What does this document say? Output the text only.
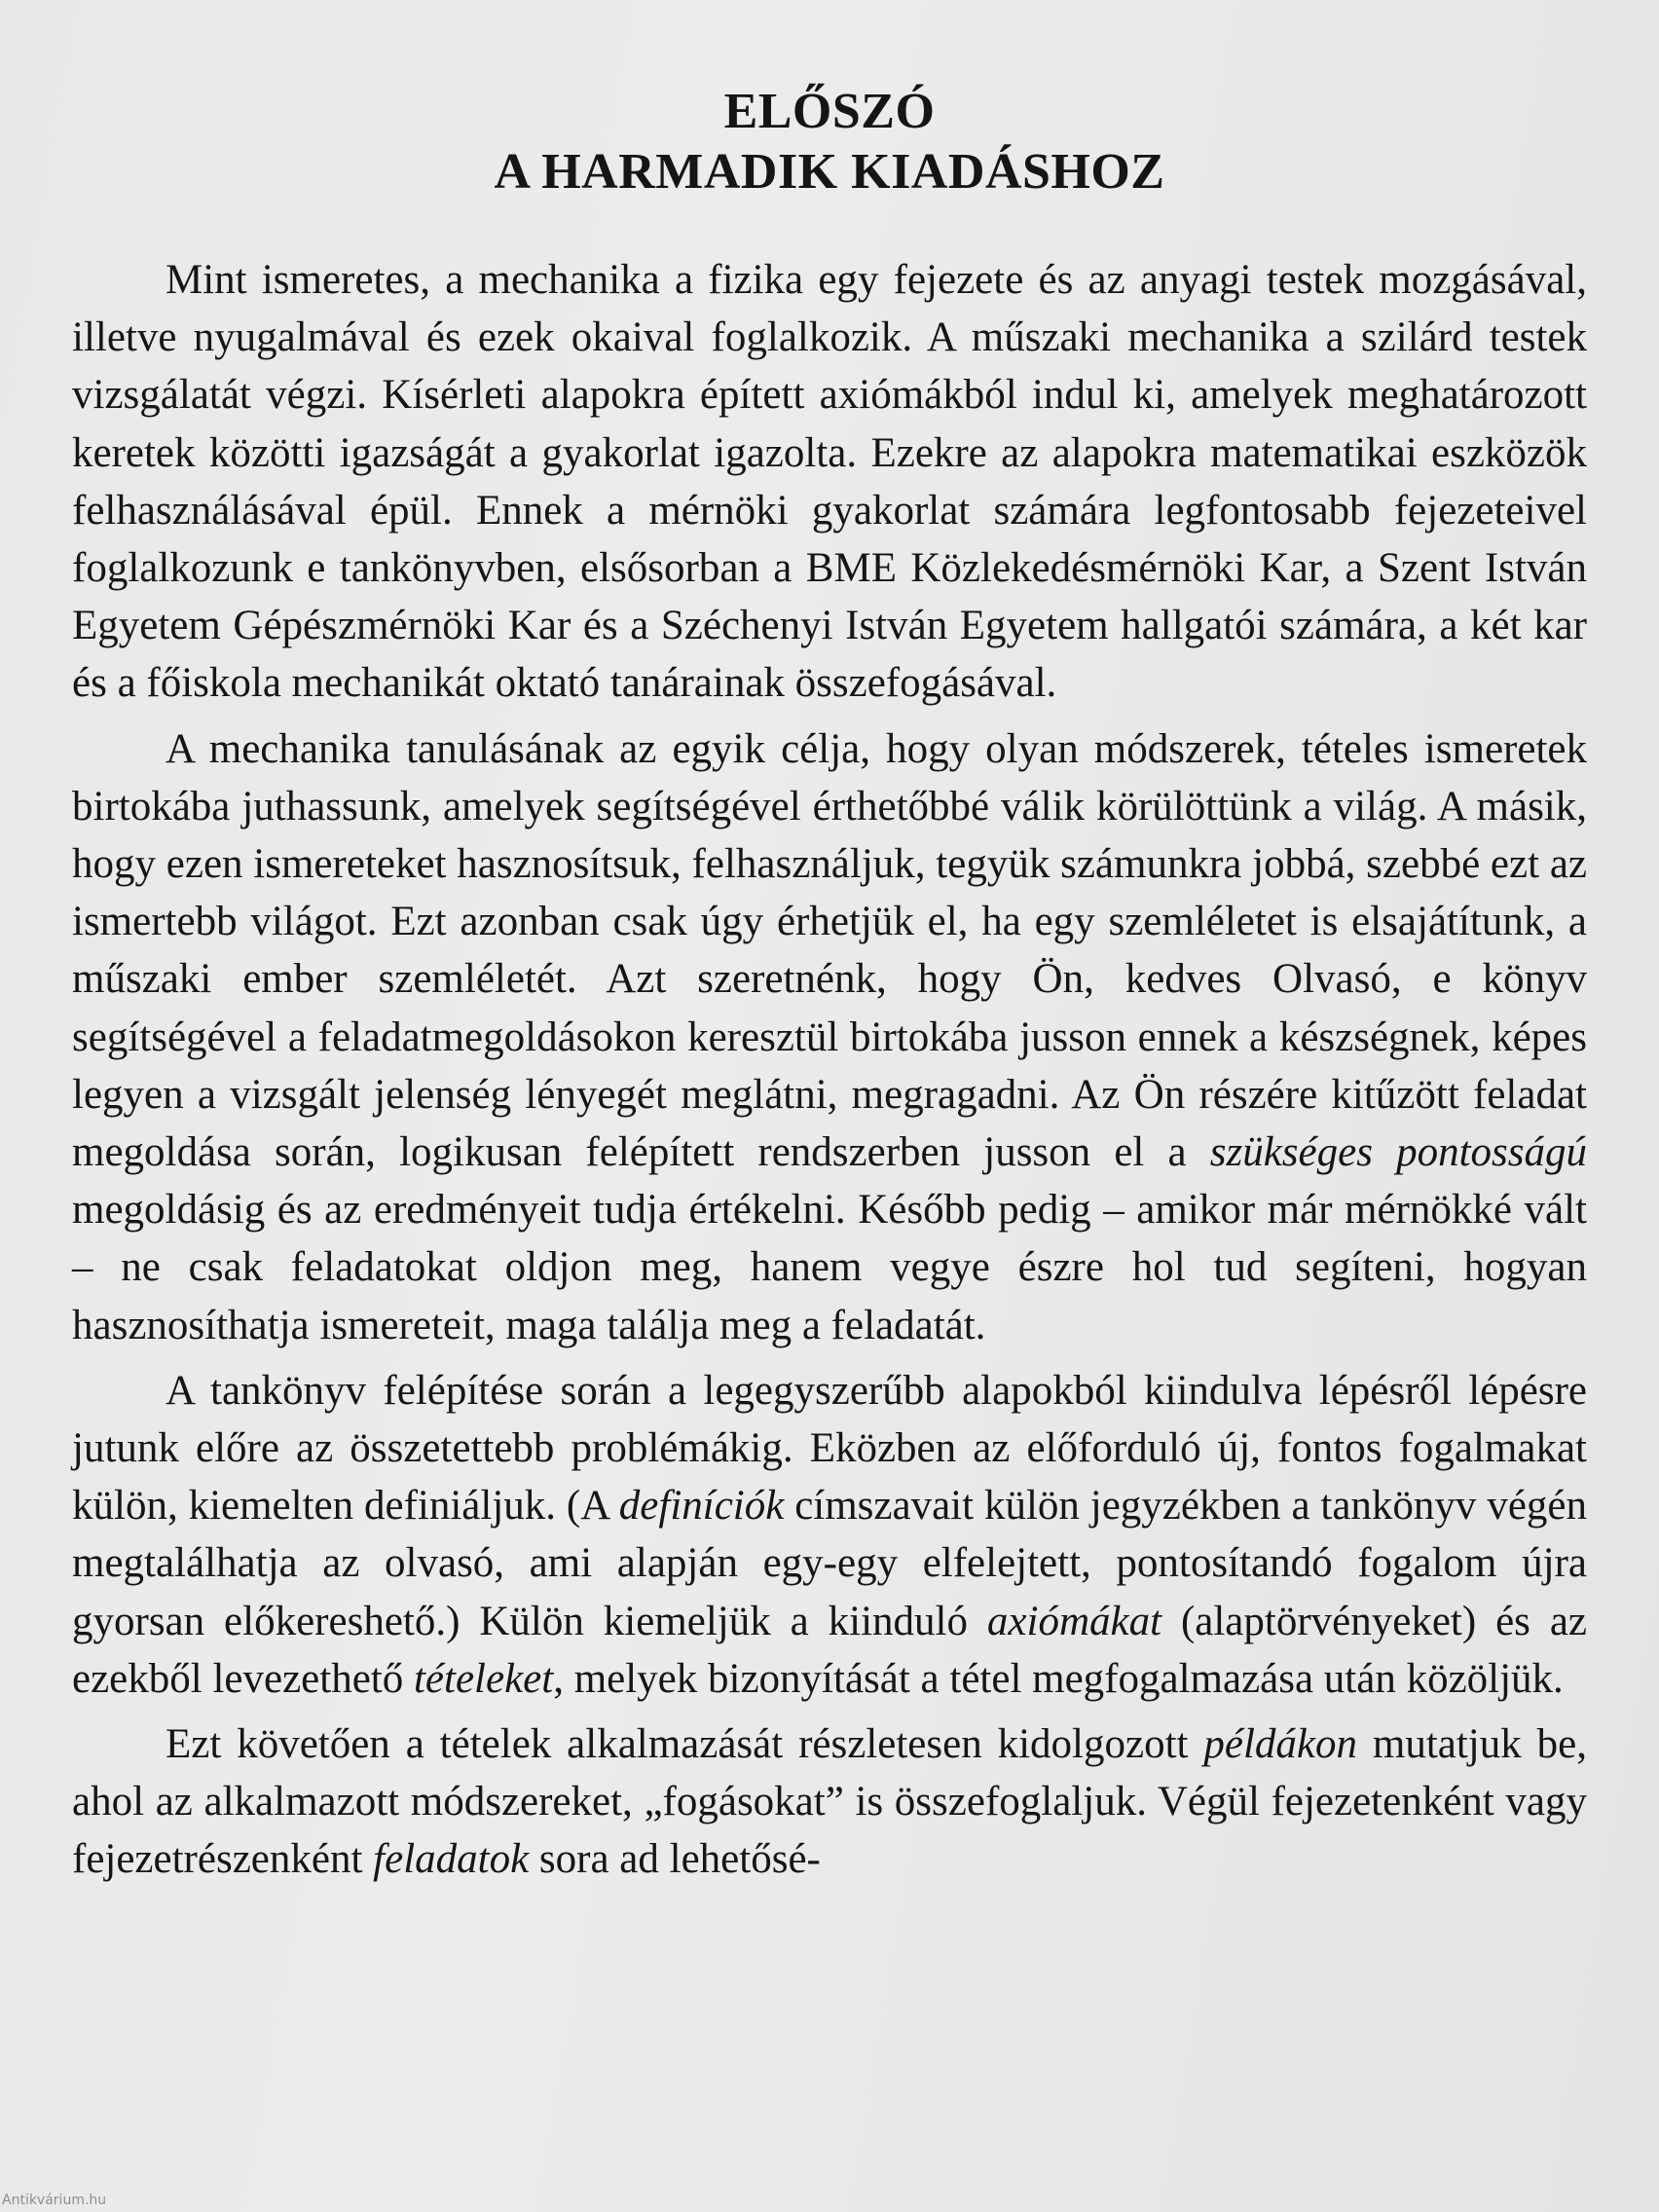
ELŐSZÓ
A HARMADIK KIADÁSHOZ

Mint ismeretes, a mechanika a fizika egy fejezete és az anyagi testek mozgásával, illetve nyugalmával és ezek okaival foglalkozik. A műszaki mechanika a szilárd testek vizsgálatát végzi. Kísérleti alapokra épített axiómákból indul ki, amelyek meghatározott keretek közötti igazságát a gyakorlat igazolta. Ezekre az alapokra matematikai eszközök felhasználásával épül. Ennek a mérnöki gyakorlat számára legfontosabb fejezeteivel foglalkozunk e tankönyvben, elsősorban a BME Közlekedésmérnöki Kar, a Szent István Egyetem Gépészmérnöki Kar és a Széchenyi István Egyetem hallgatói számára, a két kar és a főiskola mechanikát oktató tanárainak összefogásával.

A mechanika tanulásának az egyik célja, hogy olyan módszerek, tételes ismeretek birtokába juthassunk, amelyek segítségével érthetőbbé válik körülöttünk a világ. A másik, hogy ezen ismereteket hasznosítsuk, felhasználjuk, tegyük számunkra jobbá, szebbé ezt az ismertebb világot. Ezt azonban csak úgy érhetjük el, ha egy szemléletet is elsajátítunk, a műszaki ember szemléletét. Azt szeretnénk, hogy Ön, kedves Olvasó, e könyv segítségével a feladatmegoldásokon keresztül birtokába jusson ennek a készségnek, képes legyen a vizsgált jelenség lényegét meglátni, megragadni. Az Ön részére kitűzött feladat megoldása során, logikusan felépített rendszerben jusson el a szükséges pontosságú megoldásig és az eredményeit tudja értékelni. Később pedig – amikor már mérnökké vált – ne csak feladatokat oldjon meg, hanem vegye észre hol tud segíteni, hogyan hasznosíthatja ismereteit, maga találja meg a feladatát.

A tankönyv felépítése során a legegyszerűbb alapokból kiindulva lépésről lépésre jutunk előre az összetettebb problémákig. Eközben az előforduló új, fontos fogalmakat külön, kiemelten definiáljuk. (A definíciók címszavait külön jegyzékben a tankönyv végén megtalálhatja az olvasó, ami alapján egy-egy elfelejtett, pontosítandó fogalom újra gyorsan előkereshető.) Külön kiemeljük a kiinduló axiómákat (alaptörvényeket) és az ezekből levezethető tételeket, melyek bizonyítását a tétel megfogalmazása után közöljük.

Ezt követően a tételek alkalmazását részletesen kidolgozott példákon mutatjuk be, ahol az alkalmazott módszereket, „fogásokat” is összefoglaljuk. Végül fejezetenként vagy fejezetrészenként feladatok sora ad lehetősé-

Antikvárium.hu
